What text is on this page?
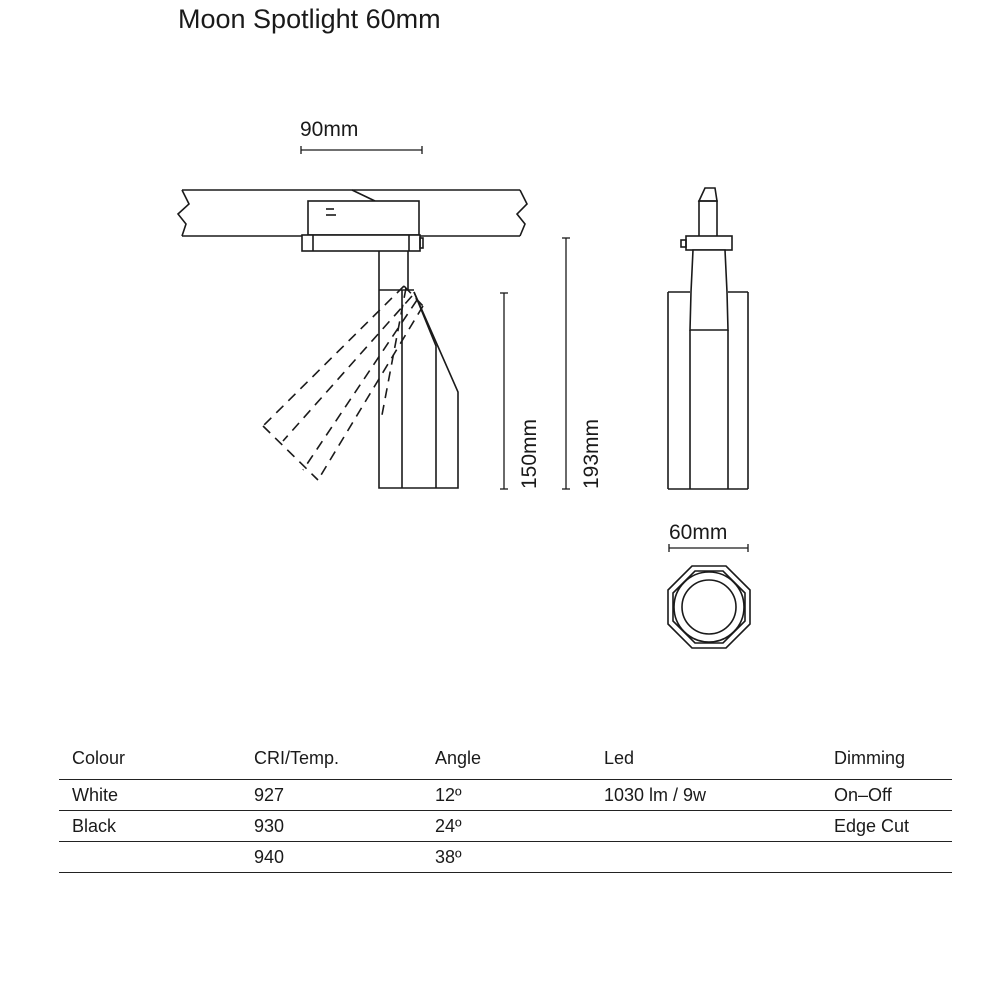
Moon Spotlight 60mm
90mm
150mm 193mm
60mm
Colour	CRI/Temp.	Angle	Led	Dimming
White	927	12º	1030 lm / 9w	On–Off
Black	930	24º		Edge Cut
	940	38º		
